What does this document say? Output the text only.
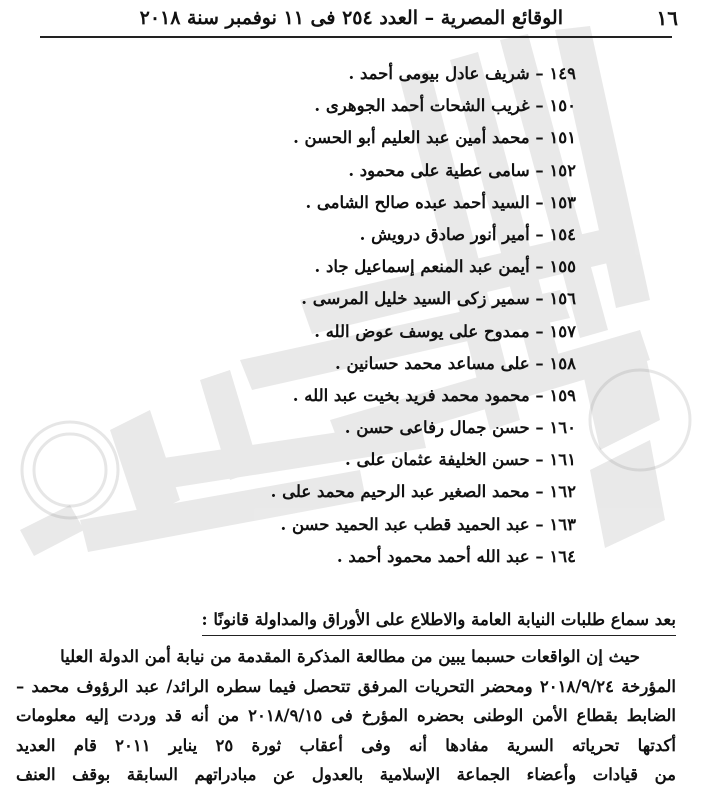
١٦
الوقائع المصرية – العدد ٢٥٤ فى ١١ نوفمبر سنة ٢٠١٨
١٤٩ – شريف عادل بيومى أحمد .
١٥٠ – غريب الشحات أحمد الجوهرى .
١٥١ – محمد أمين عبد العليم أبو الحسن .
١٥٢ – سامى عطية على محمود .
١٥٣ – السيد أحمد عبده صالح الشامى .
١٥٤ – أمير أنور صادق درويش .
١٥٥ – أيمن عبد المنعم إسماعيل جاد .
١٥٦ – سمير زكى السيد خليل المرسى .
١٥٧ – ممدوح على يوسف عوض الله .
١٥٨ – على مساعد محمد حسانين .
١٥٩ – محمود محمد فريد بخيت عبد الله .
١٦٠ – حسن جمال رفاعى حسن .
١٦١ – حسن الخليفة عثمان على .
١٦٢ – محمد الصغير عبد الرحيم محمد على .
١٦٣ – عبد الحميد قطب عبد الحميد حسن .
١٦٤ – عبد الله أحمد محمود أحمد .
بعد سماع طلبات النيابة العامة والاطلاع على الأوراق والمداولة قانونًا :
حيث إن الواقعات حسبما يبين من مطالعة المذكرة المقدمة من نيابة أمن الدولة العليا
المؤرخة ٢٠١٨/٩/٢٤ ومحضر التحريات المرفق تتحصل فيما سطره الرائد/ عبد الرؤوف محمد –
الضابط بقطاع الأمن الوطنى بحضره المؤرخ فى ٢٠١٨/٩/١٥ من أنه قد وردت إليه معلومات
أكدتها تحرياته السرية مفادها أنه وفى أعقاب ثورة ٢٥ يناير ٢٠١١ قام العديد
من قيادات وأعضاء الجماعة الإسلامية بالعدول عن مبادراتهم السابقة بوقف العنف
